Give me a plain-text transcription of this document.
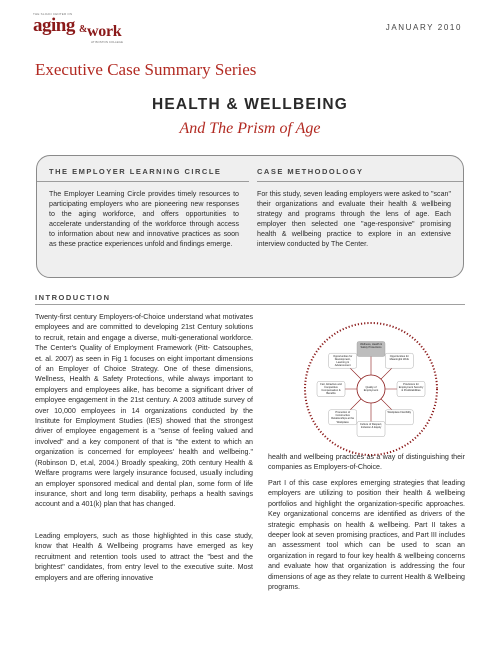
THE SLOAN CENTER ON
aging & work
AT BOSTON COLLEGE
JANUARY 2010
Executive Case Summary Series
HEALTH & WELLBEING
And The Prism of Age
THE EMPLOYER LEARNING CIRCLE

The Employer Learning Circle provides timely resources to participating employers who are pioneering new responses to the aging workforce, and offers opportunities to accelerate understanding of the workforce through access to information about new and innovative practices as soon as these practice experiences unfold and findings emerge.

CASE METHODOLOGY

For this study, seven leading employers were asked to "scan" their organizations and evaluate their health & wellbeing strategy and programs through the lens of age. Each employer then selected one "age-responsive" promising health & wellbeing practice to explore in an extensive interview conducted by The Center.

INTRODUCTION
Twenty-first century Employers-of-Choice understand what motivates employees and are committed to developing 21st Century solutions to recruit, retain and engage a diverse, multi-generational workforce. The Center's Quality of Employment Framework (Pitt- Catsouphes, et. al. 2007) as seen in Fig 1 focuses on eight important dimensions of an Employer of Choice Strategy. One of these dimensions, Wellness, Health & Safety Protections, while always important to employers and employees alike, has become a significant driver of employee engagement in the 21st century. A 2003 attitude survey of over 10,000 employees in 14 organizations conducted by the Institute for Employment Studies (IES) showed that the strongest driver of employee engagement is a "sense of feeling valued and involved" and a key component of that is "the extent to which an organization is concerned for employees' health and wellbeing." (Robinson D, et.al, 2004.) Broadly speaking, 20th century Health & Welfare programs were largely insurance focused, usually including an employer sponsored medical and dental plan, some form of life insurance, short and long term disability, perhaps a health savings account and a 401(k) plan that has changed.
Leading employers, such as those highlighted in this case study, know that Health & Wellbeing programs have emerged as key recruitment and retention tools used to attract the "best and the brightest" candidates, from entry level to the executive suite. Most employers and are offering innovative
Wellness, Health & Safety Protections
Opportunities for Meaningful Work
Provisions for Employment Security & Predictabilities
Workplace Flexibility
Culture of Respect, Inclusion & Equity
Promotion of Constructive Relationships at the Workplace
Fair, Attractive and Competitive Compensation & Benefits
Opportunities for Development, Learning & Advancement
Quality of Employment
health and wellbeing practices as a way of distinguishing their companies as Employers-of-Choice.
Part I of this case explores emerging strategies that leading employers are utilizing to position their health & wellbeing portfolios and highlight the organization-specific approaches. Key organizational concerns are identified as drivers of the strategic emphasis on health & wellbeing. Part II takes a deeper look at seven promising practices, and Part III includes an assessment tool which can be used to scan an organization in regard to four key health & wellbeing concerns and evaluate how that organization is addressing the four dimensions of age as they relate to current Health & Wellbeing programs.
